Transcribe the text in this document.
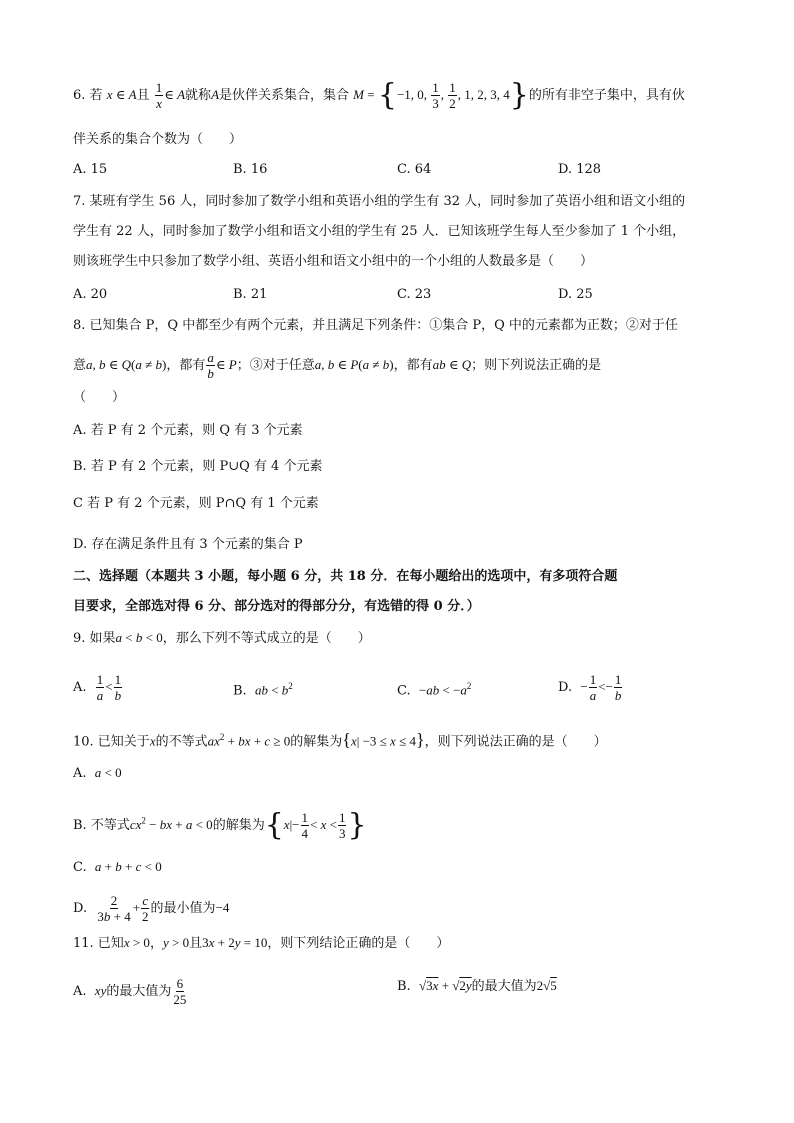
6. 若 x ∈ A且 $\frac{1}{x}$ ∈ A就称A是伙伴关系集合，集合 M = {−1, 0, $\frac{1}{3}$ , $\frac{1}{2}$ , 1, 2, 3, 4}的所有非空子集中，具有伙
伴关系的集合个数为（　　）
A. 15	B. 16	C. 64	D. 128
7. 某班有学生 56 人，同时参加了数学小组和英语小组的学生有 32 人，同时参加了英语小组和语文小组的
学生有 22 人，同时参加了数学小组和语文小组的学生有 25 人．已知该班学生每人至少参加了 1 个小组，
则该班学生中只参加了数学小组、英语小组和语文小组中的一个小组的人数最多是（　　）
A. 20	B. 21	C. 23	D. 25
8. 已知集合 P，Q 中都至少有两个元素，并且满足下列条件：①集合 P，Q 中的元素都为正数；②对于任
意a, b ∈ Q(a ≠ b)，都有 $\frac{a}{b}$ ∈ P；③对于任意a, b ∈ P(a ≠ b)，都有ab ∈ Q；则下列说法正确的是
（　　）
A. 若 P 有 2 个元素，则 Q 有 3 个元素
B. 若 P 有 2 个元素，则 P∪Q 有 4 个元素
C 若 P 有 2 个元素，则 P∩Q 有 1 个元素
D. 存在满足条件且有 3 个元素的集合 P
二、选择题（本题共 3 小题，每小题 6 分，共 18 分．在每小题给出的选项中，有多项符合题
目要求，全部选对得 6 分、部分选对的得部分分，有选错的得 0 分．）
9. 如果a < b < 0，那么下列不等式成立的是（　　）
A. $\frac{1}{a} < \frac{1}{b}$	B. ab < $b^2$	C. $-ab < -a^2$	D. − $\frac{1}{a} <- \frac{1}{b}$
10. 已知关于x的不等式$ax^2$ + bx + c ≥ 0的解集为{x| −3 ≤ x ≤ 4}，则下列说法正确的是（　　）
A. a < 0
B. 不等式$cx^2$ − bx + a < 0的解集为{$x|- \frac{1}{4} < x < \frac{1}{3}$ }
C. a + b + c < 0
D. $\frac{2}{3b + 4} + \frac{c}{2}$ 的最小值为−4
11. 已知x > 0，y > 0且3x + 2y = 10，则下列结论正确的是（　　）
A. xy的最大值为 $\frac{6}{25}$	B. √3x + √2y的最大值为2√5
